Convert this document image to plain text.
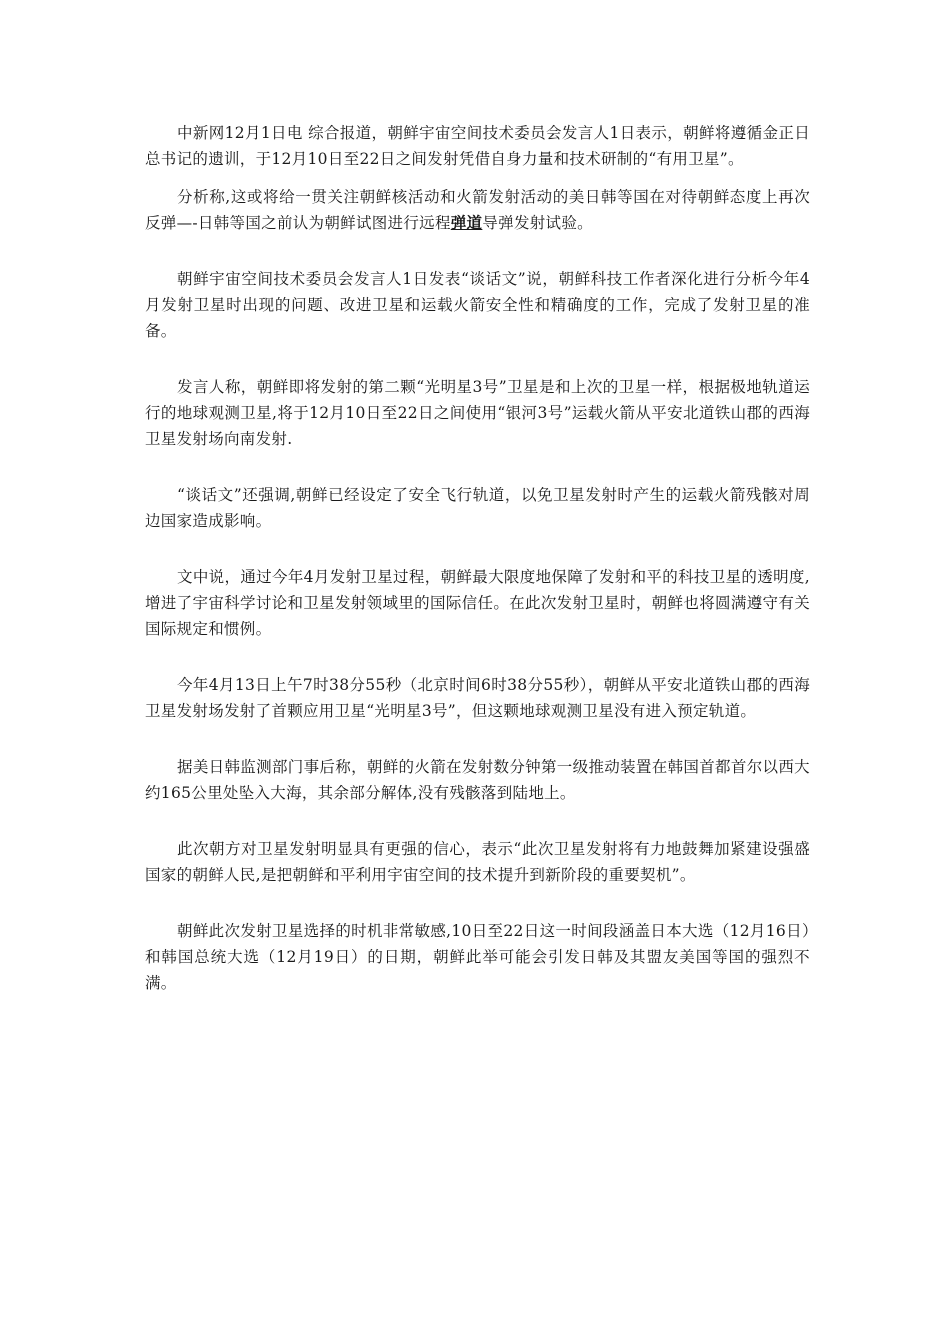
中新网12月1日电 综合报道，朝鲜宇宙空间技术委员会发言人1日表示，朝鲜将遵循金正日总书记的遗训，于12月10日至22日之间发射凭借自身力量和技术研制的“有用卫星”。

分析称,这或将给一贯关注朝鲜核活动和火箭发射活动的美日韩等国在对待朝鲜态度上再次反弹—-日韩等国之前认为朝鲜试图进行远程弹道导弹发射试验。

朝鲜宇宙空间技术委员会发言人1日发表“谈话文”说，朝鲜科技工作者深化进行分析今年4月发射卫星时出现的问题、改进卫星和运载火箭安全性和精确度的工作，完成了发射卫星的准备。

发言人称，朝鲜即将发射的第二颗“光明星3号”卫星是和上次的卫星一样，根据极地轨道运行的地球观测卫星,将于12月10日至22日之间使用“银河3号”运载火箭从平安北道铁山郡的西海卫星发射场向南发射.

“谈话文”还强调,朝鲜已经设定了安全飞行轨道，以免卫星发射时产生的运载火箭残骸对周边国家造成影响。

文中说，通过今年4月发射卫星过程，朝鲜最大限度地保障了发射和平的科技卫星的透明度,增进了宇宙科学讨论和卫星发射领域里的国际信任。在此次发射卫星时，朝鲜也将圆满遵守有关国际规定和惯例。

今年4月13日上午7时38分55秒（北京时间6时38分55秒），朝鲜从平安北道铁山郡的西海卫星发射场发射了首颗应用卫星“光明星3号”，但这颗地球观测卫星没有进入预定轨道。

据美日韩监测部门事后称，朝鲜的火箭在发射数分钟第一级推动装置在韩国首都首尔以西大约165公里处坠入大海，其余部分解体,没有残骸落到陆地上。

此次朝方对卫星发射明显具有更强的信心，表示“此次卫星发射将有力地鼓舞加紧建设强盛国家的朝鲜人民,是把朝鲜和平利用宇宙空间的技术提升到新阶段的重要契机”。

朝鲜此次发射卫星选择的时机非常敏感,10日至22日这一时间段涵盖日本大选（12月16日）和韩国总统大选（12月19日）的日期，朝鲜此举可能会引发日韩及其盟友美国等国的强烈不满。
